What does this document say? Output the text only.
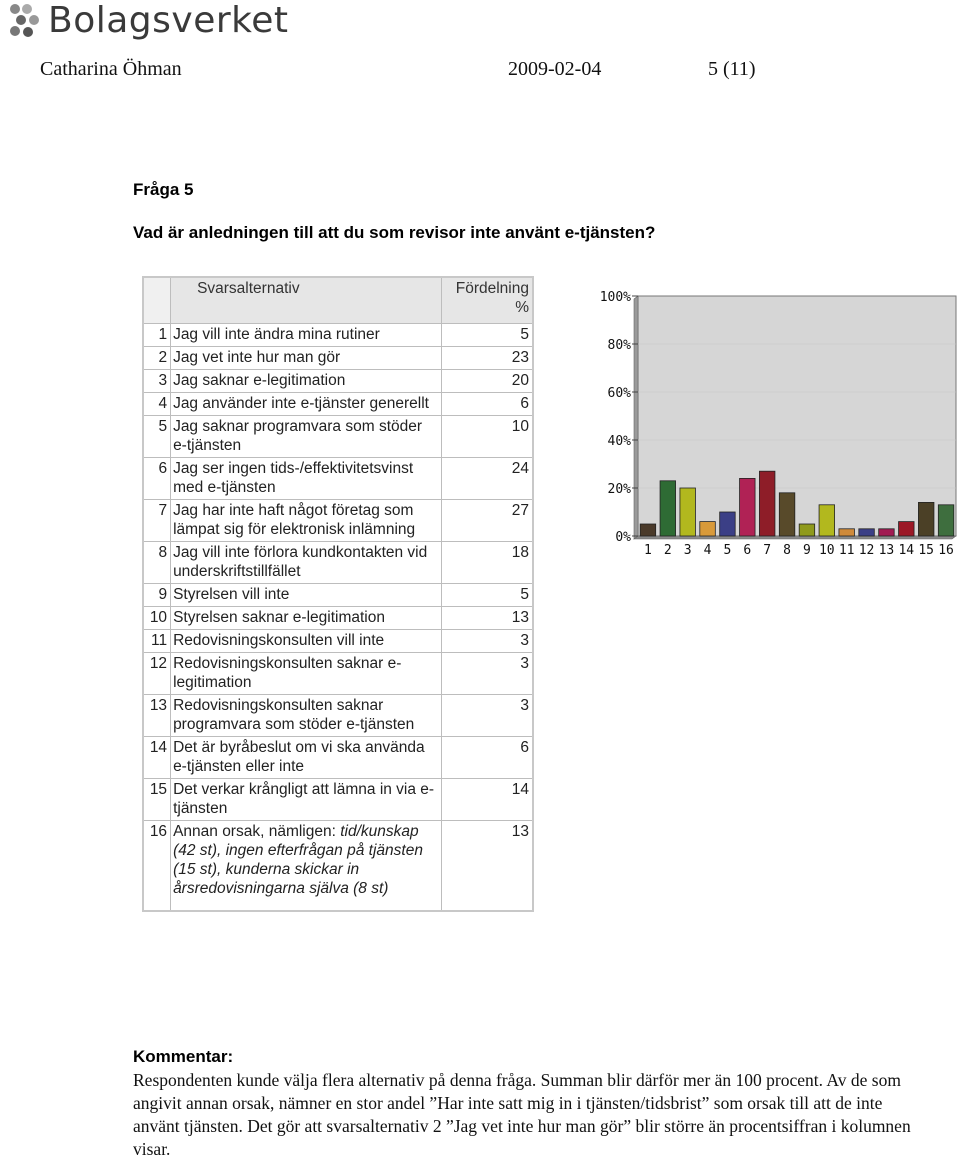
Bolagsverket
Catharina Öhman	2009-02-04	5 (11)
Fråga 5
Vad är anledningen till att du som revisor inte använt e-tjänsten?
	Svarsalternativ	Fördelning %
1	Jag vill inte ändra mina rutiner	5
2	Jag vet inte hur man gör	23
3	Jag saknar e-legitimation	20
4	Jag använder inte e-tjänster generellt	6
5	Jag saknar programvara som stöder e-tjänsten	10
6	Jag ser ingen tids-/effektivitetsvinst med e-tjänsten	24
7	Jag har inte haft något företag som lämpat sig för elektronisk inlämning	27
8	Jag vill inte förlora kundkontakten vid underskriftstillfället	18
9	Styrelsen vill inte	5
10	Styrelsen saknar e-legitimation	13
11	Redovisningskonsulten vill inte	3
12	Redovisningskonsulten saknar e-legitimation	3
13	Redovisningskonsulten saknar programvara som stöder e-tjänsten	3
14	Det är byråbeslut om vi ska använda e-tjänsten eller inte	6
15	Det verkar krångligt att lämna in via e-tjänsten	14
16	Annan orsak, nämligen: tid/kunskap (42 st), ingen efterfrågan på tjänsten (15 st), kunderna skickar in årsredovisningarna själva (8 st)	13
0%
20%
40%
60%
80%
100%
1 2 3 4 5 6 7 8 9 10 11 12 13 14 15 16
Kommentar:
Respondenten kunde välja flera alternativ på denna fråga. Summan blir därför mer än 100 procent. Av de som angivit annan orsak, nämner en stor andel ”Har inte satt mig in i tjänsten/tidsbrist” som orsak till att de inte använt tjänsten. Det gör att svarsalternativ 2 ”Jag vet inte hur man gör” blir större än procentsiffran i kolumnen visar.
